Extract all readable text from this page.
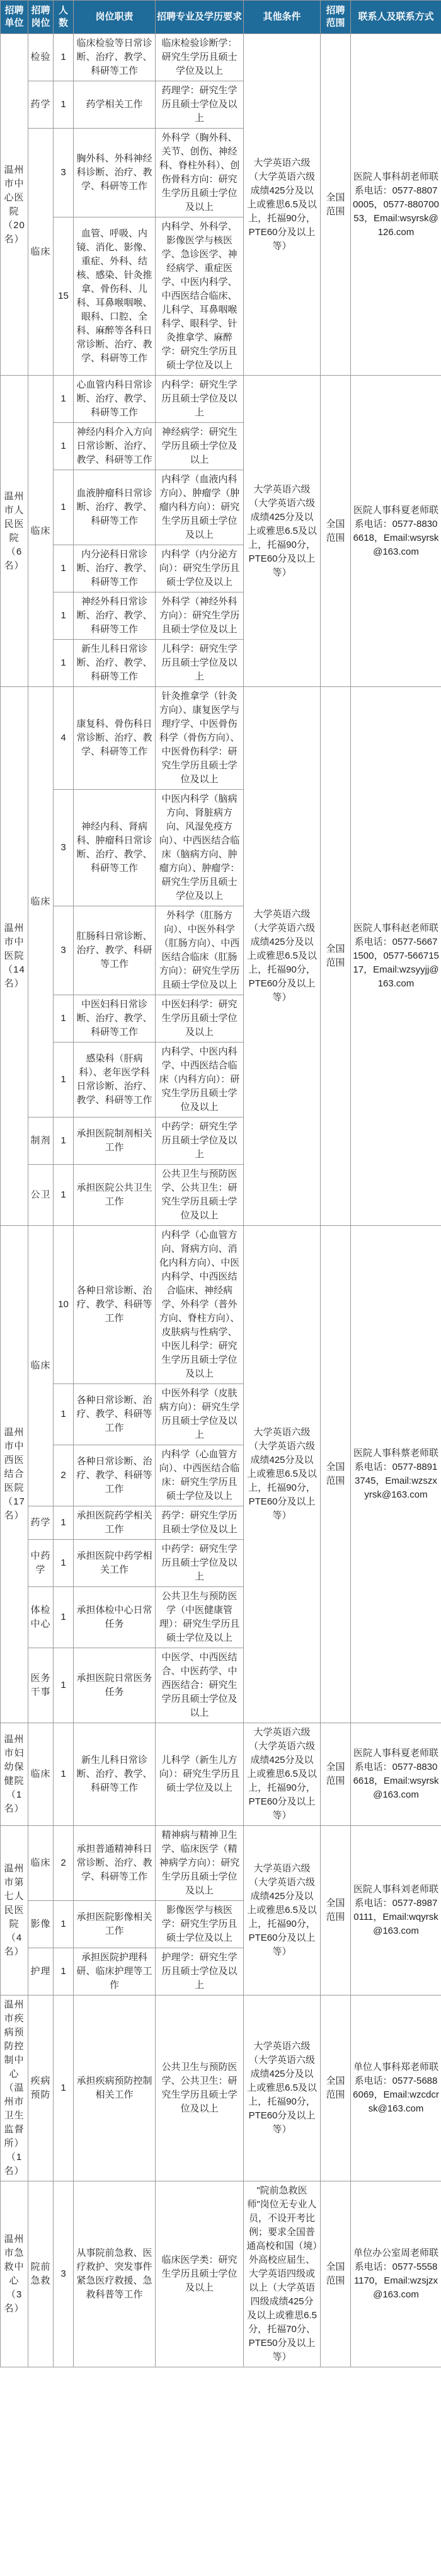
招聘单位	招聘岗位	人数	岗位职责	招聘专业及学历要求	其他条件	招聘范围	联系人及联系方式
温州市中心医院（20名）	检验	1	临床检验等日常诊断、治疗、教学、科研等工作	临床检验诊断学：研究生学历且硕士学位及以上	大学英语六级（大学英语六级成绩425分及以上或雅思6.5及以上，托福90分，PTE60分及以上等）	全国范围	医院人事科胡老师联系电话：0577-88070005，0577-88070053，Email:wsyrsk@126.com
	药学	1	药学相关工作	药理学：研究生学历且硕士学位及以上			
	临床	3	胸外科、外科神经科诊断、治疗、教学、科研等工作	外科学（胸外科、关节、创伤、神经科、脊柱外科）、创伤骨科方向：研究生学历且硕士学位及以上			
		15	血管、呼吸、内镜、消化、影像、重症、外科、结核、感染、针灸推拿、骨伤科、儿科、耳鼻喉咽喉、眼科、口腔、全科、麻醉等各科日常诊断、治疗、教学、科研等工作	内科学、外科学、影像医学与核医学、急诊医学、神经病学、重症医学、中医内科学、中西医结合临床、儿科学、耳鼻咽喉科学、眼科学、针灸推拿学、麻醉学：研究生学历且硕士学位及以上			
温州市人民医院（6名）	临床	1	心血管内科日常诊断、治疗、教学、科研等工作	内科学：研究生学历且硕士学位及以上	大学英语六级（大学英语六级成绩425分及以上或雅思6.5及以上，托福90分，PTE60分及以上等）	全国范围	医院人事科夏老师联系电话：0577-88306618，Email:wsyrsk@163.com
		1	神经内科介入方向日常诊断、治疗、教学、科研等工作	神经病学：研究生学历且硕士学位及以上			
		1	血液肿瘤科日常诊断、治疗、教学、科研等工作	内科学（血液内科方向）、肿瘤学（肿瘤内科方向）：研究生学历且硕士学位及以上			
		1	内分泌科日常诊断、治疗、教学、科研等工作	内科学（内分泌方向）：研究生学历且硕士学位及以上			
		1	神经外科日常诊断、治疗、教学、科研等工作	外科学（神经外科方向）：研究生学历且硕士学位及以上			
		1	新生儿科日常诊断、治疗、教学、科研等工作	儿科学：研究生学历且硕士学位及以上			
温州市中医院（14名）	临床	4	康复科、骨伤科日常诊断、治疗、教学、科研等工作	针灸推拿学（针灸方向）、康复医学与理疗学、中医骨伤科学（骨伤方向）、中医骨伤科学：研究生学历且硕士学位及以上	大学英语六级（大学英语六级成绩425分及以上或雅思6.5及以上，托福90分，PTE60分及以上等）	全国范围	医院人事科赵老师联系电话：0577-56671500，0577-56671517，Email:wzsyyjj@163.com
		3	神经内科、肾病科、肿瘤科日常诊断、治疗、教学、科研等工作	中医内科学（脑病方向、肾脏病方向、风湿免疫方向）、中西医结合临床（脑病方向、肿瘤方向）、肿瘤学：研究生学历且硕士学位及以上			
		3	肛肠科日常诊断、治疗、教学、科研等工作	外科学（肛肠方向）、中医外科学（肛肠方向）、中西医结合临床（肛肠方向）：研究生学历且硕士学位及以上			
		1	中医妇科日常诊断、治疗、教学、科研等工作	中医妇科学：研究生学历且硕士学位及以上			
		1	感染科（肝病科）、老年医学科日常诊断、治疗、教学、科研等工作	内科学、中医内科学、中西医结合临床（内科方向）：研究生学历且硕士学位及以上			
	制剂	1	承担医院制剂相关工作	中药学：研究生学历且硕士学位及以上			
	公卫	1	承担医院公共卫生工作	公共卫生与预防医学、公共卫生：研究生学历且硕士学位及以上			
温州市中西医结合医院（17名）	临床	10	各种日常诊断、治疗、教学、科研等工作	内科学（心血管方向、肾病方向、消化内科方向）、中医内科学、中西医结合临床、神经病学、外科学（普外方向、脊柱方向）、皮肤病与性病学、中医儿科学：研究生学历且硕士学位及以上	大学英语六级（大学英语六级成绩425分及以上或雅思6.5及以上，托福90分，PTE60分及以上等）	全国范围	医院人事科蔡老师联系电话：0577-88913745，Email:wzszxyrsk@163.com
		1	各种日常诊断、治疗、教学、科研等工作	中医外科学（皮肤病方向）：研究生学历且硕士学位及以上			
		2	各种日常诊断、治疗、教学、科研等工作	内科学（心血管方向）、中西医结合临床：研究生学历且硕士学位及以上			
	药学	1	承担医院药学相关工作	药学：研究生学历且硕士学位及以上			
	中药学	1	承担医院中药学相关工作	中药学：研究生学历且硕士学位及以上			
	体检中心	1	承担体检中心日常任务	公共卫生与预防医学（中医健康管理）：研究生学历且硕士学位及以上			
	医务干事	1	承担医院日常医务任务	中医学、中西医结合、中医药学、中西医结合：研究生学历且硕士学位及以上			
温州市妇幼保健院（1名）	临床	1	新生儿科日常诊断、治疗、教学、科研等工作	儿科学（新生儿方向）：研究生学历且硕士学位及以上	大学英语六级（大学英语六级成绩425分及以上或雅思6.5及以上，托福90分，PTE60分及以上等）	全国范围	医院人事科夏老师联系电话：0577-88306618，Email:wsyrsk@163.com
温州市第七人民医院（4名）	临床	2	承担普通精神科日常诊断、治疗、教学、科研等工作	精神病与精神卫生学、临床医学（精神病学方向）：研究生学历且硕士学位及以上	大学英语六级（大学英语六级成绩425分及以上或雅思6.5及以上，托福90分，PTE60分及以上等）	全国范围	医院人事科刘老师联系电话：0577-89870111，Email:wqyrsk@163.com
	影像	1	承担医院影像相关工作	影像医学与核医学：研究生学历且硕士学位及以上			
	护理	1	承担医院护理科研、临床护理等工作	护理学：研究生学历且硕士学位及以上			
温州市疾病预防控制中心（温州市卫生监督所）（1名）	疾病预防	1	承担疾病预防控制相关工作	公共卫生与预防医学、公共卫生：研究生学历且硕士学位及以上	大学英语六级（大学英语六级成绩425分及以上或雅思6.5及以上，托福90分，PTE60分及以上等）	全国范围	单位人事科郑老师联系电话：0577-56886069，Email:wzcdcrsk@163.com
温州市急救中心（3名）	院前急救	3	从事院前急救、医疗救护、突发事件紧急医疗救援、急救科普等工作	临床医学类：研究生学历且硕士学位及以上	"院前急救医师"岗位无专业人员，不设开考比例；要求全国普通高校和国（境）外高校应届生、大学英语四级或以上（大学英语四级成绩425分及以上或雅思6.5分，托福70分、PTE50分及以上等）	全国范围	单位办公室周老师联系电话：0577-55581170，Email:wzsjzx@163.com
